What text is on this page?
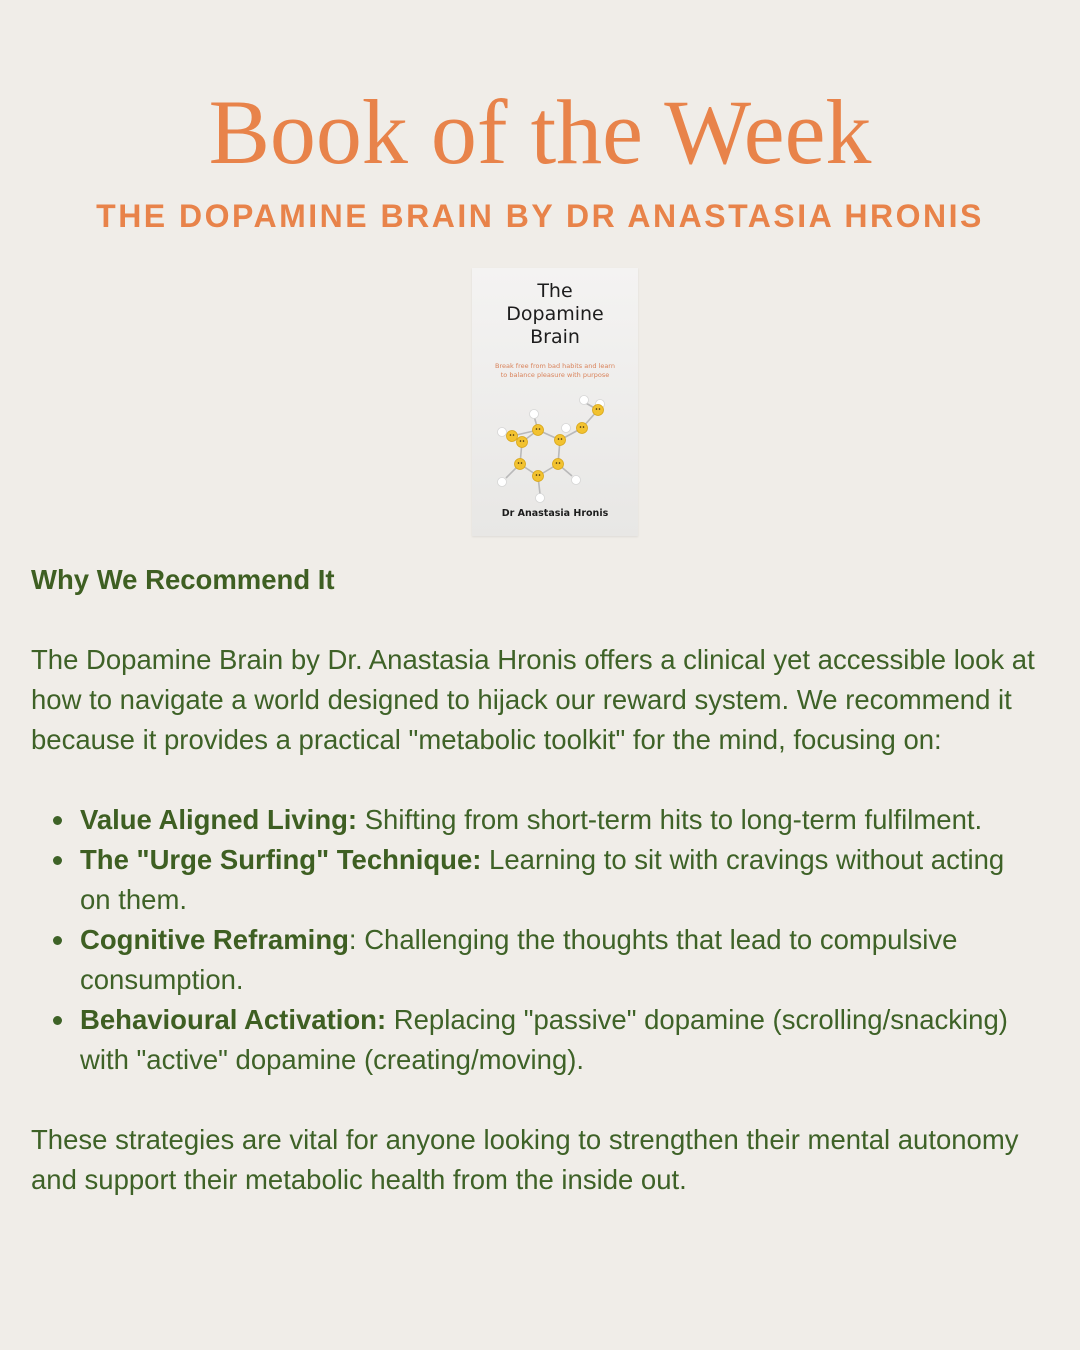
Book of the Week
THE DOPAMINE BRAIN BY DR ANASTASIA HRONIS
The
Dopamine
Brain
Break free from bad habits and learn
to balance pleasure with purpose
Dr Anastasia Hronis

Why We Recommend It

The Dopamine Brain by Dr. Anastasia Hronis offers a clinical yet accessible look at how to navigate a world designed to hijack our reward system. We recommend it because it provides a practical "metabolic toolkit" for the mind, focusing on:

Value Aligned Living: Shifting from short-term hits to long-term fulfilment.
The "Urge Surfing" Technique: Learning to sit with cravings without acting on them.
Cognitive Reframing: Challenging the thoughts that lead to compulsive consumption.
Behavioural Activation: Replacing "passive" dopamine (scrolling/snacking) with "active" dopamine (creating/moving).

These strategies are vital for anyone looking to strengthen their mental autonomy and support their metabolic health from the inside out.
